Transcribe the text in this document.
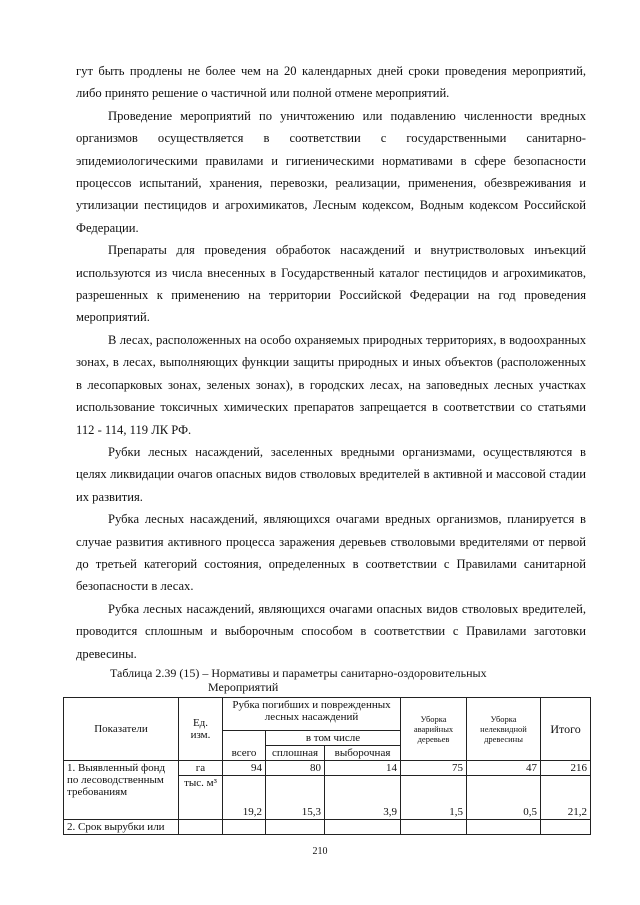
гут быть продлены не более чем на 20 календарных дней сроки проведения мероприятий, либо принято решение о частичной или полной отмене мероприятий.

Проведение мероприятий по уничтожению или подавлению численности вредных организмов осуществляется в соответствии с государственными санитарно-эпидемиологическими правилами и гигиеническими нормативами в сфере безопасности процессов испытаний, хранения, перевозки, реализации, применения, обезвреживания и утилизации пестицидов и агрохимикатов, Лесным кодексом, Водным кодексом Российской Федерации.

Препараты для проведения обработок насаждений и внутристволовых инъекций используются из числа внесенных в Государственный каталог пестицидов и агрохимикатов, разрешенных к применению на территории Российской Федерации на год проведения мероприятий.

В лесах, расположенных на особо охраняемых природных территориях, в водоохранных зонах, в лесах, выполняющих функции защиты природных и иных объектов (расположенных в лесопарковых зонах, зеленых зонах), в городских лесах, на заповедных лесных участках использование токсичных химических препаратов запрещается в соответствии со статьями 112 - 114, 119 ЛК РФ.

Рубки лесных насаждений, заселенных вредными организмами, осуществляются в целях ликвидации очагов опасных видов стволовых вредителей в активной и массовой стадии их развития.

Рубка лесных насаждений, являющихся очагами вредных организмов, планируется в случае развития активного процесса заражения деревьев стволовыми вредителями от первой до третьей категорий состояния, определенных в соответствии с Правилами санитарной безопасности в лесах.

Рубка лесных насаждений, являющихся очагами опасных видов стволовых вредителей, проводится сплошным и выборочным способом в соответствии с Правилами заготовки древесины.

Таблица 2.39 (15) – Нормативы и параметры санитарно-оздоровительных
Мероприятий
Показатели	Ед. изм.	Рубка погибших и поврежденных лесных насаждений			Уборка аварийных деревьев	Уборка нелеквидной древесины	Итого
		всего	в том числе				
			сплошная	выборочная			
1. Выявленный фонд по лесоводственным требованиям	га	94	80	14	75	47	216
	тыс. м³	19,2	15,3	3,9	1,5	0,5	21,2
2. Срок вырубки или							
210
